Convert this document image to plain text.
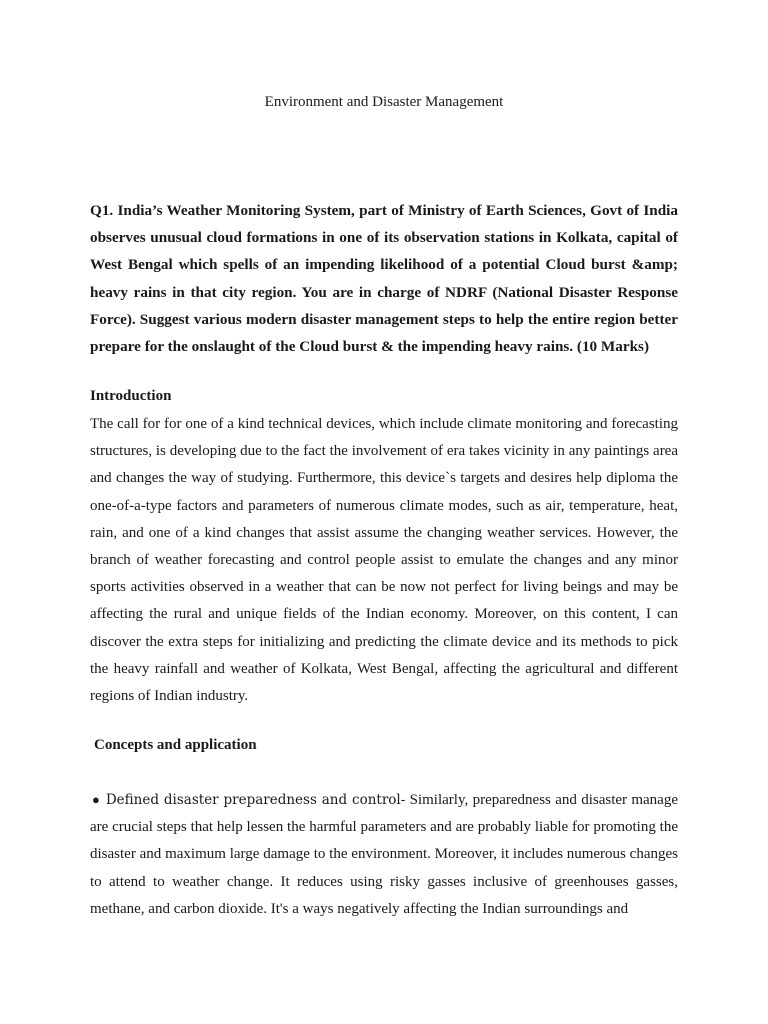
Environment and Disaster Management
Q1. India’s Weather Monitoring System, part of Ministry of Earth Sciences, Govt of India observes unusual cloud formations in one of its observation stations in Kolkata, capital of West Bengal which spells of an impending likelihood of a potential Cloud burst &amp; heavy rains in that city region. You are in charge of NDRF (National Disaster Response Force). Suggest various modern disaster management steps to help the entire region better prepare for the onslaught of the Cloud burst & the impending heavy rains. (10 Marks)
Introduction
The call for for one of a kind technical devices, which include climate monitoring and forecasting structures, is developing due to the fact the involvement of era takes vicinity in any paintings area and changes the way of studying. Furthermore, this device`s targets and desires help diploma the one-of-a-type factors and parameters of numerous climate modes, such as air, temperature, heat, rain, and one of a kind changes that assist assume the changing weather services. However, the branch of weather forecasting and control people assist to emulate the changes and any minor sports activities observed in a weather that can be now not perfect for living beings and may be affecting the rural and unique fields of the Indian economy. Moreover, on this content, I can discover the extra steps for initializing and predicting the climate device and its methods to pick the heavy rainfall and weather of Kolkata, West Bengal, affecting the agricultural and different regions of Indian industry.
Concepts and application
● Defined disaster preparedness and control- Similarly, preparedness and disaster manage are crucial steps that help lessen the harmful parameters and are probably liable for promoting the disaster and maximum large damage to the environment. Moreover, it includes numerous changes to attend to weather change. It reduces using risky gasses inclusive of greenhouses gasses, methane, and carbon dioxide. It's a ways negatively affecting the Indian surroundings and
